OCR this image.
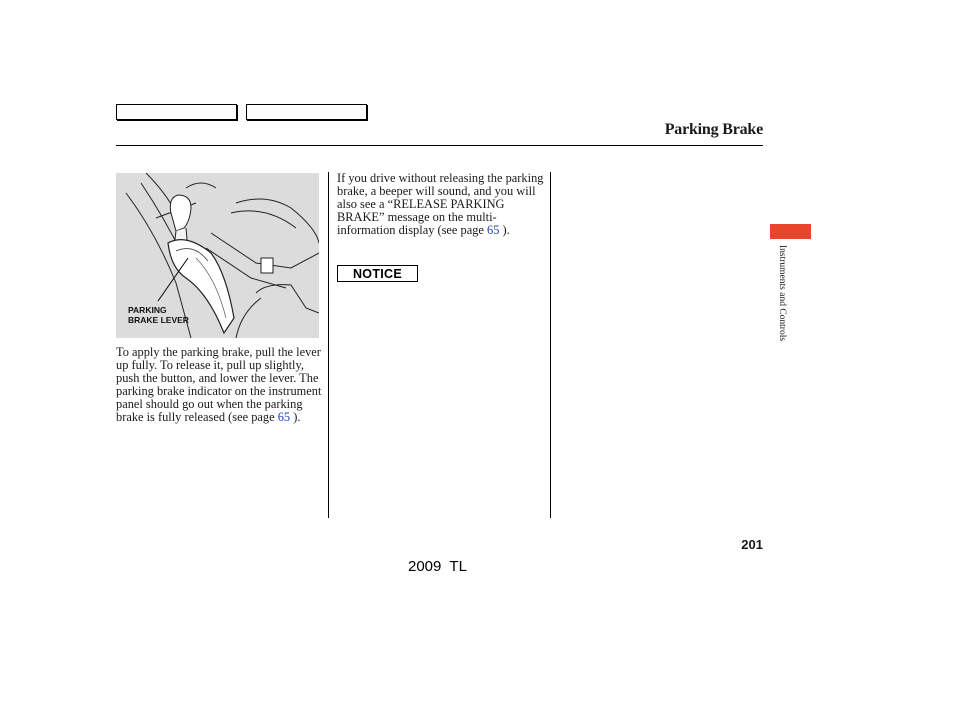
Parking Brake
PARKING
BRAKE LEVER
To apply the parking brake, pull the lever up fully. To release it, pull up slightly, push the button, and lower the lever. The parking brake indicator on the instrument panel should go out when the parking brake is fully released (see page 65 ).
If you drive without releasing the parking brake, a beeper will sound, and you will also see a “RELEASE PARKING BRAKE” message on the multi-information display (see page 65 ).
NOTICE	Instruments and Controls
201
2009  TL
